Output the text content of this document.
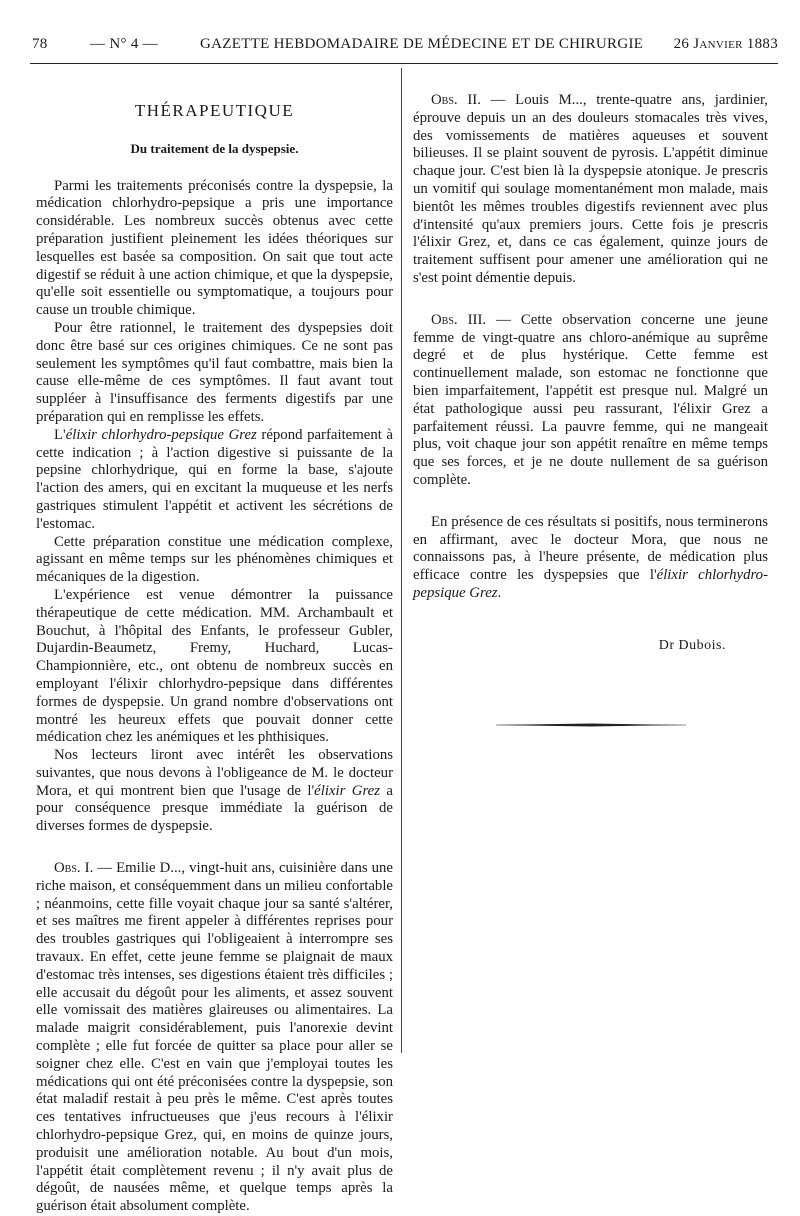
78	— N° 4 —	GAZETTE HEBDOMADAIRE DE MÉDECINE ET DE CHIRURGIE 26 Janvier 1883
THÉRAPEUTIQUE
Du traitement de la dyspepsie.

Parmi les traitements préconisés contre la dyspepsie, la médication chlorhydro-pepsique a pris une importance considérable. Les nombreux succès obtenus avec cette préparation justifient pleinement les idées théoriques sur lesquelles est basée sa composition. On sait que tout acte digestif se réduit à une action chimique, et que la dyspepsie, qu'elle soit essentielle ou symptomatique, a toujours pour cause un trouble chimique.

Pour être rationnel, le traitement des dyspepsies doit donc être basé sur ces origines chimiques. Ce ne sont pas seulement les symptômes qu'il faut combattre, mais bien la cause elle-même de ces symptômes. Il faut avant tout suppléer à l'insuffisance des ferments digestifs par une préparation qui en remplisse les effets.

L'élixir chlorhydro-pepsique Grez répond parfaitement à cette indication ; à l'action digestive si puissante de la pepsine chlorhydrique, qui en forme la base, s'ajoute l'action des amers, qui en excitant la muqueuse et les nerfs gastriques stimulent l'appétit et activent les sécrétions de l'estomac.

Cette préparation constitue une médication complexe, agissant en même temps sur les phénomènes chimiques et mécaniques de la digestion.

L'expérience est venue démontrer la puissance thérapeutique de cette médication. MM. Archambault et Bouchut, à l'hôpital des Enfants, le professeur Gubler, Dujardin-Beaumetz, Fremy, Huchard, Lucas-Championnière, etc., ont obtenu de nombreux succès en employant l'élixir chlorhydro-pepsique dans différentes formes de dyspepsie. Un grand nombre d'observations ont montré les heureux effets que pouvait donner cette médication chez les anémiques et les phthisiques.

Nos lecteurs liront avec intérêt les observations suivantes, que nous devons à l'obligeance de M. le docteur Mora, et qui montrent bien que l'usage de l'élixir Grez a pour conséquence presque immédiate la guérison de diverses formes de dyspepsie.

Obs. I. — Emilie D..., vingt-huit ans, cuisinière dans une riche maison, et conséquemment dans un milieu confortable ; néanmoins, cette fille voyait chaque jour sa santé s'altérer, et ses maîtres me firent appeler à différentes reprises pour des troubles gastriques qui l'obligeaient à interrompre ses travaux. En effet, cette jeune femme se plaignait de maux d'estomac très intenses, ses digestions étaient très difficiles ; elle accusait du dégoût pour les aliments, et assez souvent elle vomissait des matières glaireuses ou alimentaires. La malade maigrit considérablement, puis l'anorexie devint complète ; elle fut forcée de quitter sa place pour aller se soigner chez elle. C'est en vain que j'employai toutes les médications qui ont été préconisées contre la dyspepsie, son état maladif restait à peu près le même. C'est après toutes ces tentatives infructueuses que j'eus recours à l'élixir chlorhydro-pepsique Grez, qui, en moins de quinze jours, produisit une amélioration notable. Au bout d'un mois, l'appétit était complètement revenu ; il n'y avait plus de dégoût, de nausées même, et quelque temps après la guérison était absolument complète.

Obs. II. — Louis M..., trente-quatre ans, jardinier, éprouve depuis un an des douleurs stomacales très vives, des vomissements de matières aqueuses et souvent bilieuses. Il se plaint souvent de pyrosis. L'appétit diminue chaque jour. C'est bien là la dyspepsie atonique. Je prescris un vomitif qui soulage momentanément mon malade, mais bientôt les mêmes troubles digestifs reviennent avec plus d'intensité qu'aux premiers jours. Cette fois je prescris l'élixir Grez, et, dans ce cas également, quinze jours de traitement suffisent pour amener une amélioration qui ne s'est point démentie depuis.

Obs. III. — Cette observation concerne une jeune femme de vingt-quatre ans chloro-anémique au suprême degré et de plus hystérique. Cette femme est continuellement malade, son estomac ne fonctionne que bien imparfaitement, l'appétit est presque nul. Malgré un état pathologique aussi peu rassurant, l'élixir Grez a parfaitement réussi. La pauvre femme, qui ne mangeait plus, voit chaque jour son appétit renaître en même temps que ses forces, et je ne doute nullement de sa guérison complète.

En présence de ces résultats si positifs, nous terminerons en affirmant, avec le docteur Mora, que nous ne connaissons pas, à l'heure présente, de médication plus efficace contre les dyspepsies que l'élixir chlorhydro-pepsique Grez.

Dr Dubois.
